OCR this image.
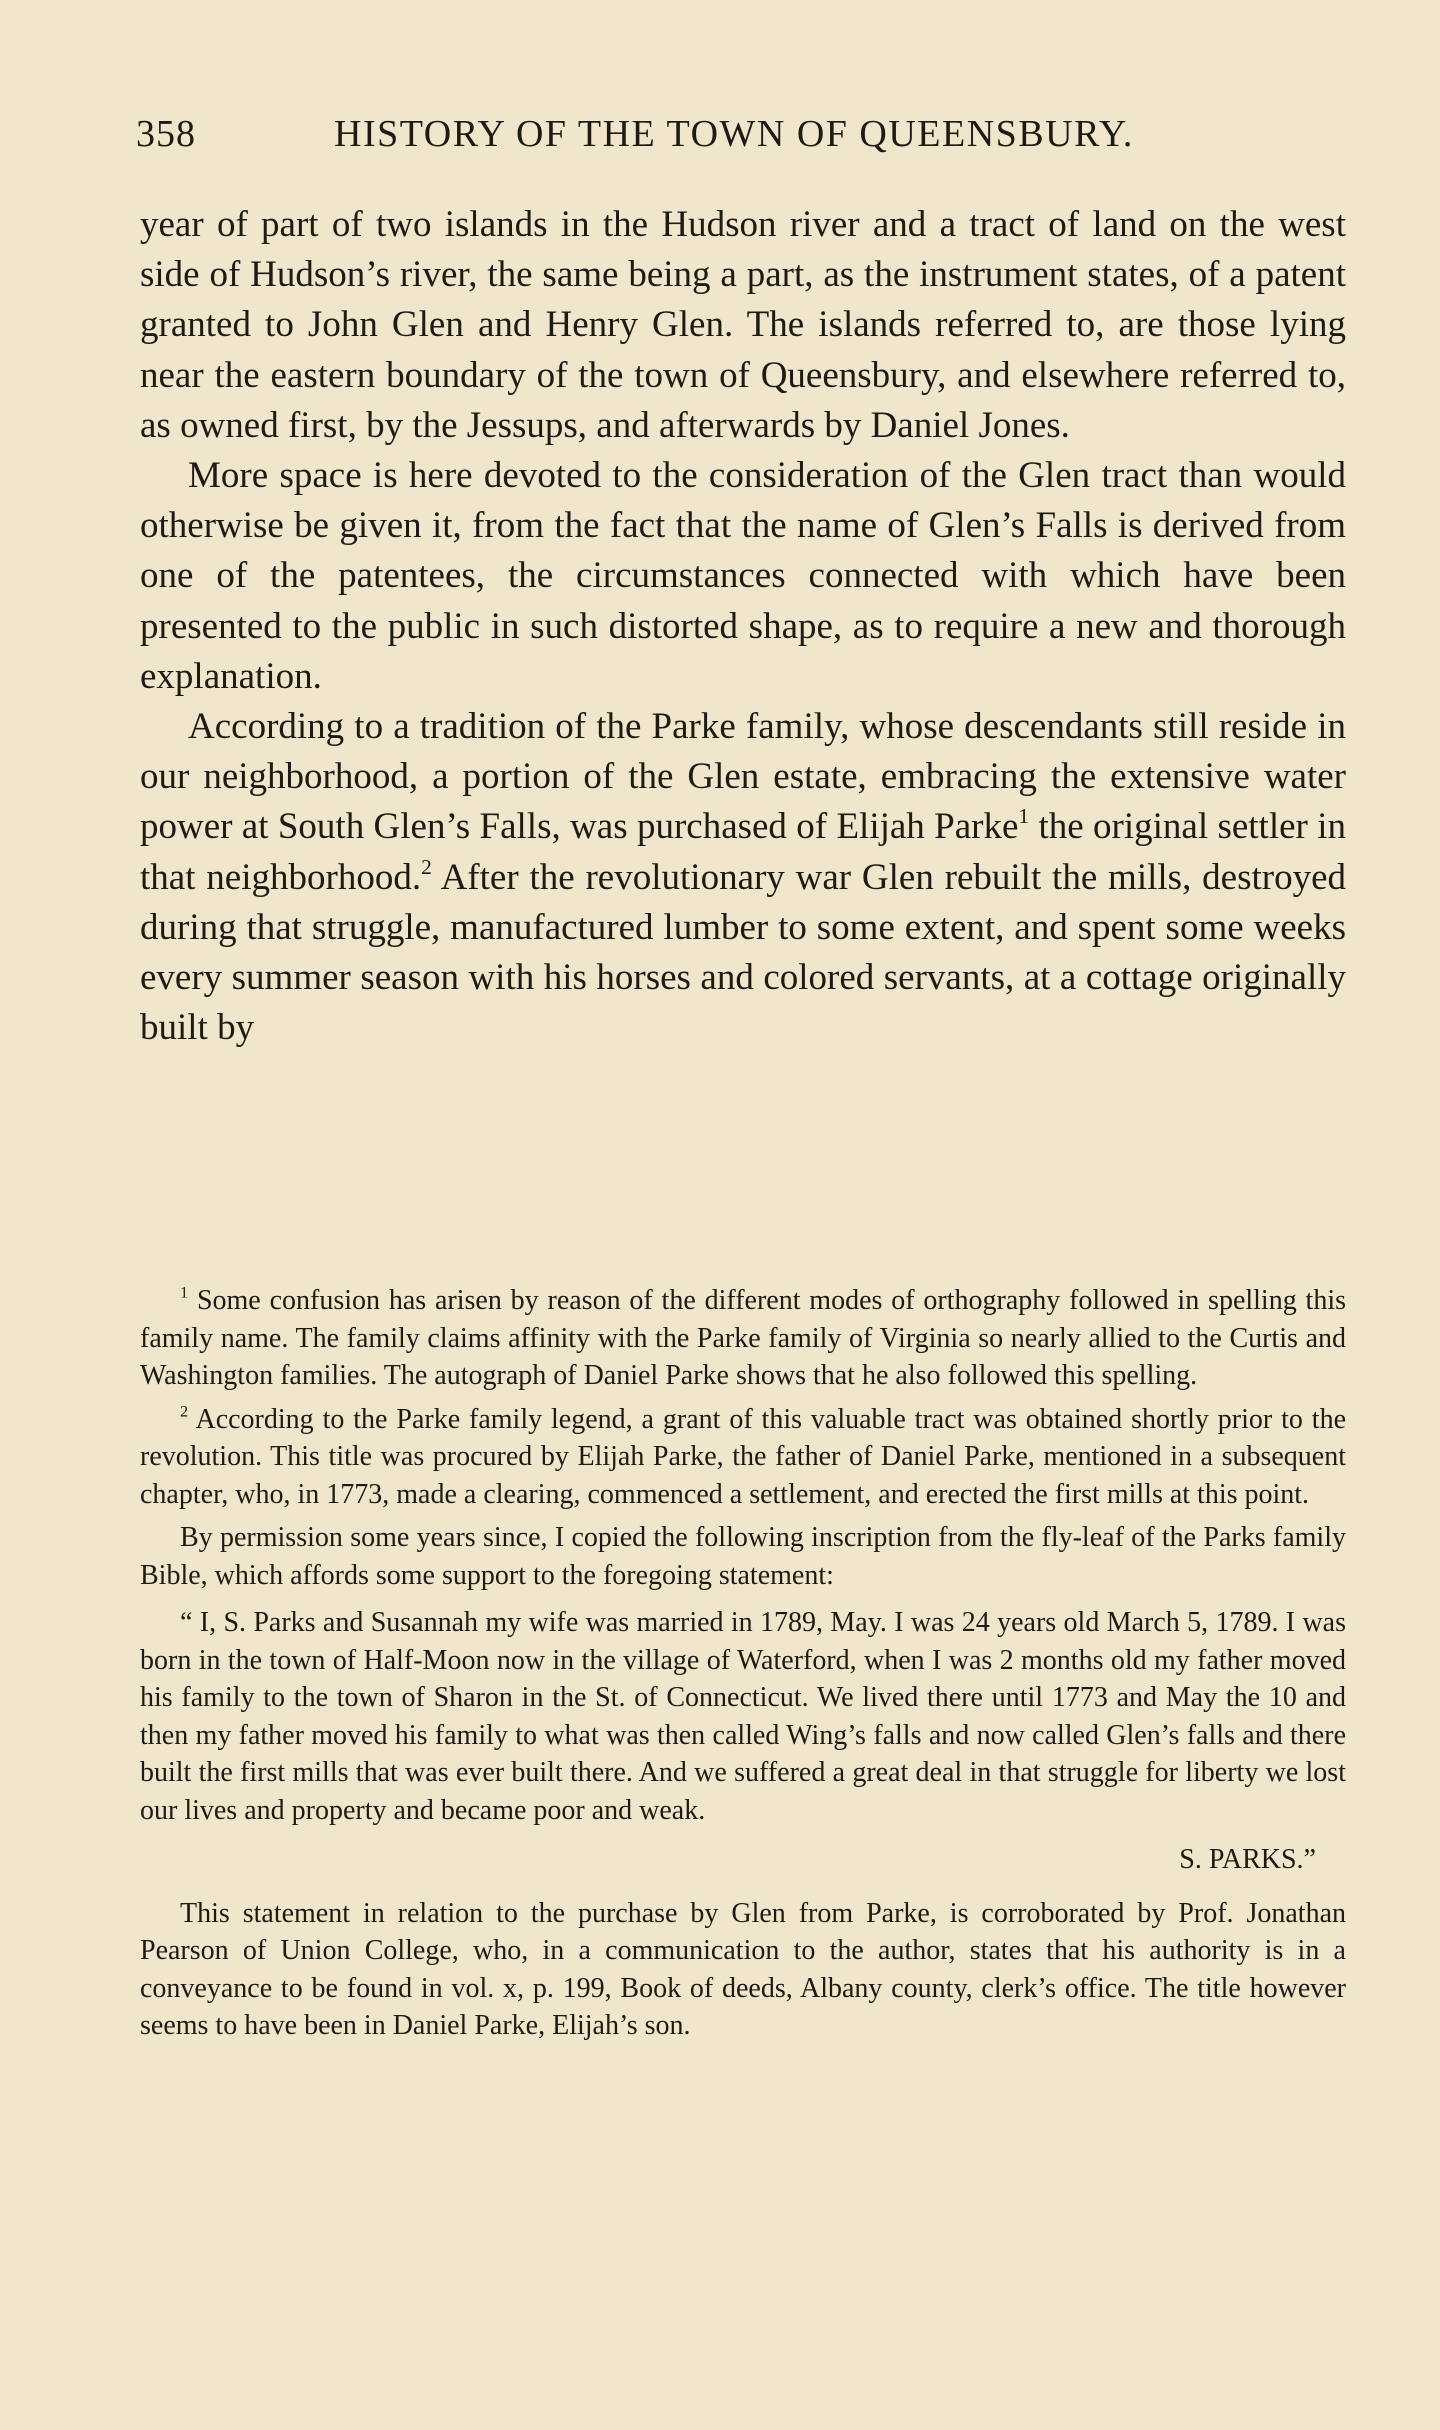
358	HISTORY OF THE TOWN OF QUEENSBURY.

year of part of two islands in the Hudson river and a tract of land on the west side of Hudson’s river, the same being a part, as the instrument states, of a patent granted to John Glen and Henry Glen. The islands referred to, are those lying near the eastern boundary of the town of Queensbury, and elsewhere referred to, as owned first, by the Jessups, and afterwards by Daniel Jones.

More space is here devoted to the consideration of the Glen tract than would otherwise be given it, from the fact that the name of Glen’s Falls is derived from one of the patentees, the circumstances connected with which have been presented to the public in such distorted shape, as to require a new and thorough explanation.

According to a tradition of the Parke family, whose descendants still reside in our neighborhood, a portion of the Glen estate, embracing the extensive water power at South Glen’s Falls, was purchased of Elijah Parke$^1$ the original settler in that neighborhood.$^2$ After the revolutionary war Glen rebuilt the mills, destroyed during that struggle, manufactured lumber to some extent, and spent some weeks every summer season with his horses and colored servants, at a cottage originally built by

$^1$ Some confusion has arisen by reason of the different modes of orthography followed in spelling this family name. The family claims affinity with the Parke family of Virginia so nearly allied to the Curtis and Washington families. The autograph of Daniel Parke shows that he also followed this spelling.

$^2$ According to the Parke family legend, a grant of this valuable tract was obtained shortly prior to the revolution. This title was procured by Elijah Parke, the father of Daniel Parke, mentioned in a subsequent chapter, who, in 1773, made a clearing, commenced a settlement, and erected the first mills at this point.

By permission some years since, I copied the following inscription from the fly-leaf of the Parks family Bible, which affords some support to the foregoing statement:

“ I, S. Parks and Susannah my wife was married in 1789, May. I was 24 years old March 5, 1789. I was born in the town of Half-Moon now in the village of Waterford, when I was 2 months old my father moved his family to the town of Sharon in the St. of Connecticut. We lived there until 1773 and May the 10 and then my father moved his family to what was then called Wing’s falls and now called Glen’s falls and there built the first mills that was ever built there. And we suffered a great deal in that struggle for liberty we lost our lives and property and became poor and weak.

S. PARKS.”

This statement in relation to the purchase by Glen from Parke, is corroborated by Prof. Jonathan Pearson of Union College, who, in a communication to the author, states that his authority is in a conveyance to be found in vol. x, p. 199, Book of deeds, Albany county, clerk’s office. The title however seems to have been in Daniel Parke, Elijah’s son.
